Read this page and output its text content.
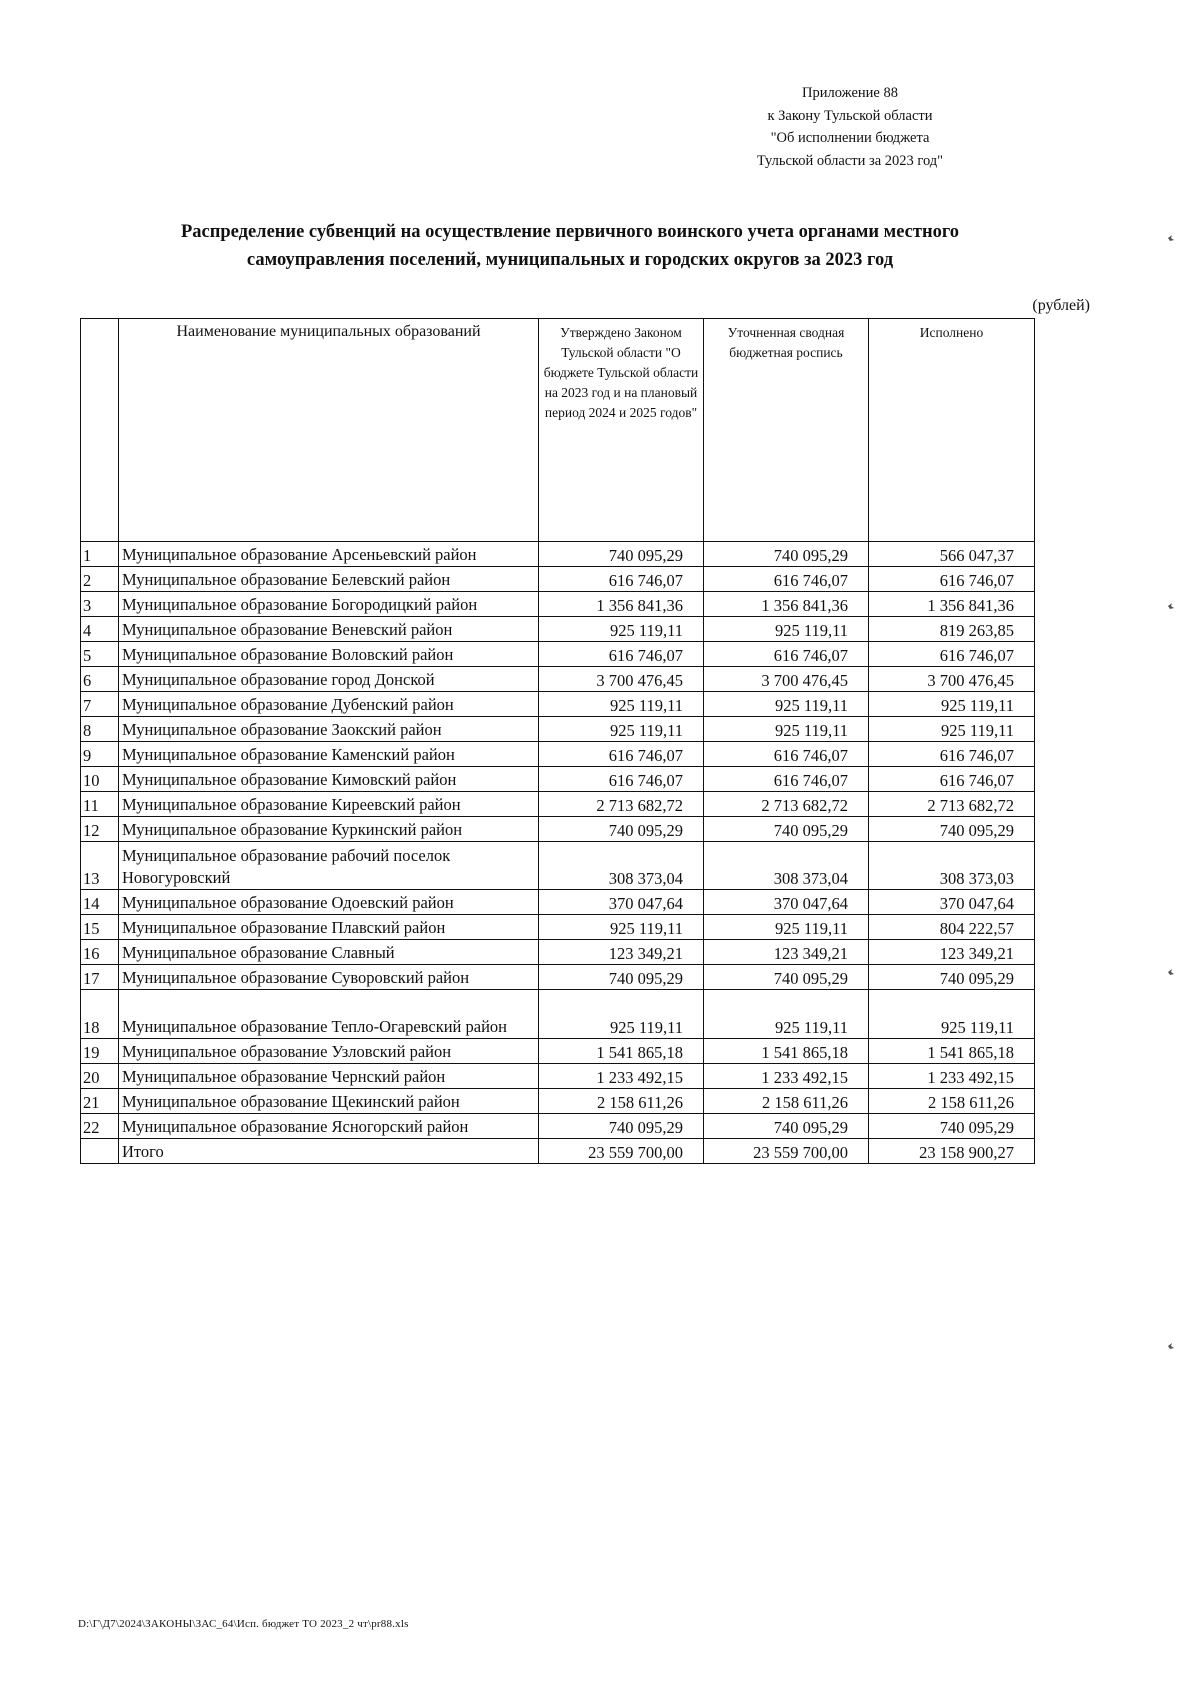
Приложение 88
к Закону Тульской области
"Об исполнении бюджета
Тульской области за 2023 год"
Распределение субвенций на осуществление первичного воинского учета органами местного
самоуправления поселений, муниципальных и городских округов за 2023 год
(рублей)
	Наименование муниципальных образований	Утверждено Законом Тульской области "О бюджете Тульской области на 2023 год и на плановый период 2024 и 2025 годов"	Уточненная сводная бюджетная роспись	Исполнено
1	Муниципальное образование Арсеньевский район	740 095,29	740 095,29	566 047,37
2	Муниципальное образование Белевский район	616 746,07	616 746,07	616 746,07
3	Муниципальное образование Богородицкий район	1 356 841,36	1 356 841,36	1 356 841,36
4	Муниципальное образование Веневский район	925 119,11	925 119,11	819 263,85
5	Муниципальное образование Воловский район	616 746,07	616 746,07	616 746,07
6	Муниципальное образование город Донской	3 700 476,45	3 700 476,45	3 700 476,45
7	Муниципальное образование Дубенский район	925 119,11	925 119,11	925 119,11
8	Муниципальное образование Заокский район	925 119,11	925 119,11	925 119,11
9	Муниципальное образование Каменский район	616 746,07	616 746,07	616 746,07
10	Муниципальное образование Кимовский район	616 746,07	616 746,07	616 746,07
11	Муниципальное образование Киреевский район	2 713 682,72	2 713 682,72	2 713 682,72
12	Муниципальное образование Куркинский район	740 095,29	740 095,29	740 095,29
13	Муниципальное образование рабочий поселок Новогуровский	308 373,04	308 373,04	308 373,03
14	Муниципальное образование Одоевский район	370 047,64	370 047,64	370 047,64
15	Муниципальное образование Плавский район	925 119,11	925 119,11	804 222,57
16	Муниципальное образование Славный	123 349,21	123 349,21	123 349,21
17	Муниципальное образование Суворовский район	740 095,29	740 095,29	740 095,29
18	Муниципальное образование Тепло-Огаревский район	925 119,11	925 119,11	925 119,11
19	Муниципальное образование Узловский район	1 541 865,18	1 541 865,18	1 541 865,18
20	Муниципальное образование Чернский район	1 233 492,15	1 233 492,15	1 233 492,15
21	Муниципальное образование Щекинский район	2 158 611,26	2 158 611,26	2 158 611,26
22	Муниципальное образование Ясногорский район	740 095,29	740 095,29	740 095,29
	Итого	23 559 700,00	23 559 700,00	23 158 900,27
D:\Г\Д7\2024\ЗАКОНЫ\ЗАС_64\Исп. бюджет ТО 2023_2 чт\pr88.xls
